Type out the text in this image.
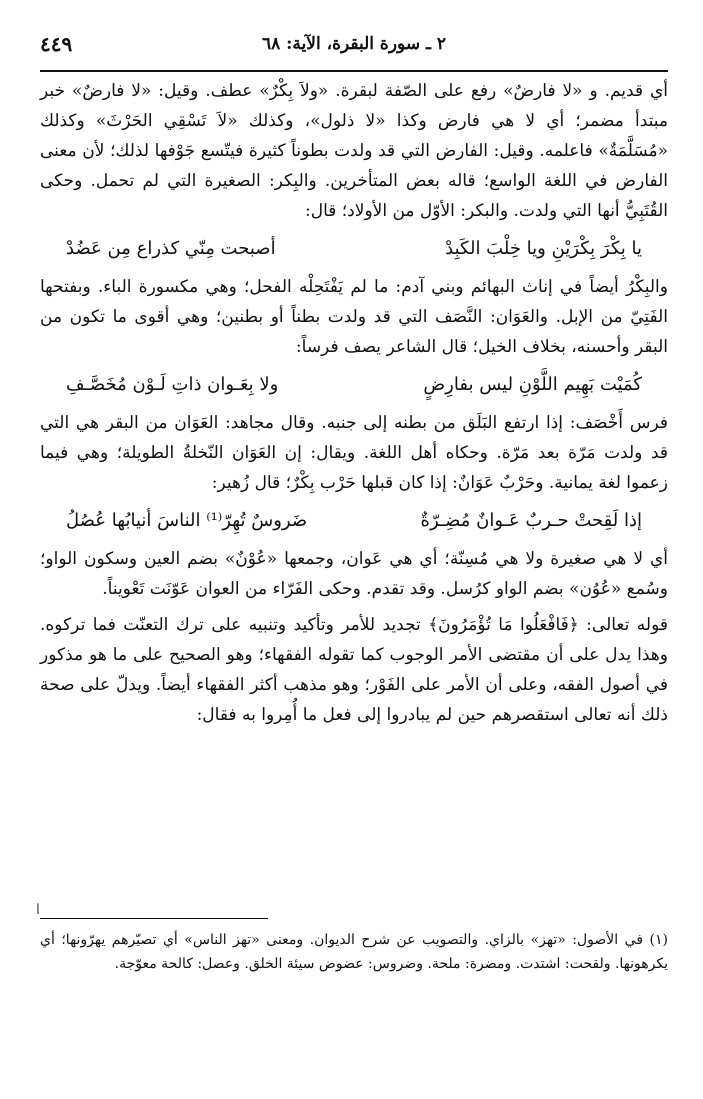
٢ ـ سورة البقرة، الآية: ٦٨
٤٤٩

أي قديم. و «لا فارضٌ» رفع على الصّفة لبقرة. «ولاَ بِكْرٌ» عطف. وقيل: «لا فارضٌ» خبر مبتدأ مضمر؛ أي لا هي فارض وكذا «لا ذلول»، وكذلك «لاَ تَسْقِي الحَرْثَ» وكذلك «مُسَلَّمَةٌ» فاعلمه. وقيل: الفارض التي قد ولدت بطوناً كثيرة فيتّسع جَوْفها لذلك؛ لأن معنى الفارض في اللغة الواسع؛ قاله بعض المتأخرين. والبِكر: الصغيرة التي لم تحمل. وحكى القُتَبِيُّ أنها التي ولدت. والبكر: الأوّل من الأولاد؛ قال:

يا بِكْرَ بِكْرَيْنِ ويا خِلْبَ الكَبِدْ
أصبحت مِنّي كذراع مِن عَضُدْ

والبِكْرُ أيضاً في إناث البهائم وبني آدم: ما لم يَفْتَحِلْه الفحل؛ وهي مكسورة الباء. وبفتحها الفَتِيّ من الإبل. والعَوَان: النَّصَف التي قد ولدت بطناً أو بطنين؛ وهي أقوى ما تكون من البقر وأحسنه، بخلاف الخيل؛ قال الشاعر يصف فرساً:

كُمَيْت بَهِيم اللَّوْنِ ليس بفارِضٍ
ولا بِعَـوان ذاتِ لَـوْن مُخَصَّـفِ

فرس أَخْصَف: إذا ارتفع البَلَق من بطنه إلى جنبه. وقال مجاهد: العَوَان من البقر هي التي قد ولدت مَرّة بعد مَرّة. وحكاه أهل اللغة. ويقال: إن العَوَان النّخلةُ الطويلة؛ وهي فيما زعموا لغة يمانية. وحَرْبٌ عَوَانٌ: إذا كان قبلها حَرْب بِكْرٌ؛ قال زُهير:

إذا لَقِحتْ حـربٌ عَـوانٌ مُضِـرّةٌ
ضَروسٌ تُهِرّ⁽¹⁾ الناسَ أنيابُها عُصُلُ

أي لا هي صغيرة ولا هي مُسِنّة؛ أي هي عَوان، وجمعها «عُوْنٌ» بضم العين وسكون الواو؛ وسُمع «عُوُن» بضم الواو كرُسل. وقد تقدم. وحكى الفَرّاء من العوان عَوّنَت تَعْويناً.

قوله تعالى: ﴿فَافْعَلُوا مَا تُؤْمَرُونَ﴾ تجديد للأمر وتأكيد وتنبيه على ترك التعنّت فما تركوه. وهذا يدل على أن مقتضى الأمر الوجوب كما تقوله الفقهاء؛ وهو الصحيح على ما هو مذكور في أصول الفقه، وعلى أن الأمر على الفَوْر؛ وهو مذهب أكثر الفقهاء أيضاً. ويدلّ على صحة ذلك أنه تعالى استقصرهم حين لم يبادروا إلى فعل ما أُمِروا به فقال:

ا
(١) في الأصول: «تهز» بالزاي. والتصويب عن شرح الديوان. ومعنى «تهز الناس» أي تصيّرهم يهرّونها؛ أي يكرهونها. ولقحت: اشتدت. ومضرة: ملحة. وضروس: عضوض سيئة الخلق. وعصل: كالحة معوّجة.
